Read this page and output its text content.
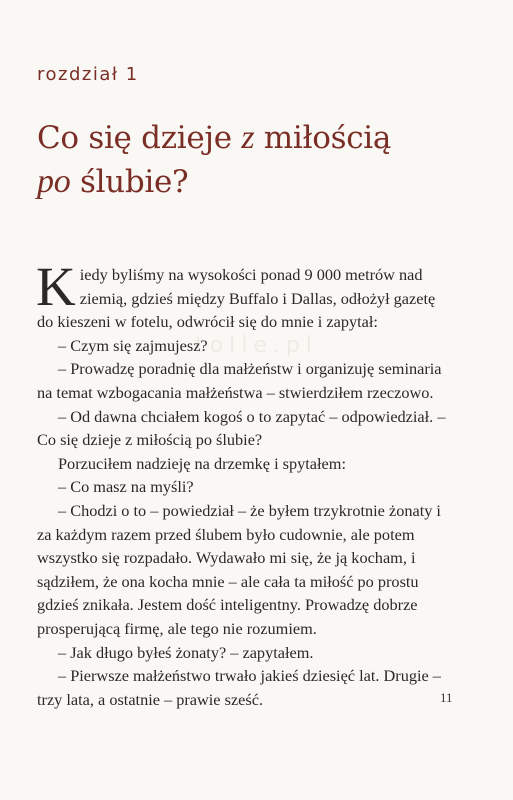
rozdział 1
Co się dzieje z miłością
po ślubie?
tolle.pl

Kiedy byliśmy na wysokości ponad 9 000 metrów nad ziemią, gdzieś między Buffalo i Dallas, odłożył gazetę do kieszeni w fotelu, odwrócił się do mnie i zapytał:

– Czym się zajmujesz?

– Prowadzę poradnię dla małżeństw i organizuję seminaria na temat wzbogacania małżeństwa – stwierdziłem rzeczowo.

– Od dawna chciałem kogoś o to zapytać – odpowiedział. – Co się dzieje z miłością po ślubie?

Porzuciłem nadzieję na drzemkę i spytałem:

– Co masz na myśli?

– Chodzi o to – powiedział – że byłem trzykrotnie żonaty i za każdym razem przed ślubem było cudownie, ale potem wszystko się rozpadało. Wydawało mi się, że ją kocham, i sądziłem, że ona kocha mnie – ale cała ta miłość po prostu gdzieś znikała. Jestem dość inteligentny. Prowadzę dobrze prosperującą firmę, ale tego nie rozumiem.

– Jak długo byłeś żonaty? – zapytałem.

– Pierwsze małżeństwo trwało jakieś dziesięć lat. Drugie – trzy lata, a ostatnie – prawie sześć.	11
